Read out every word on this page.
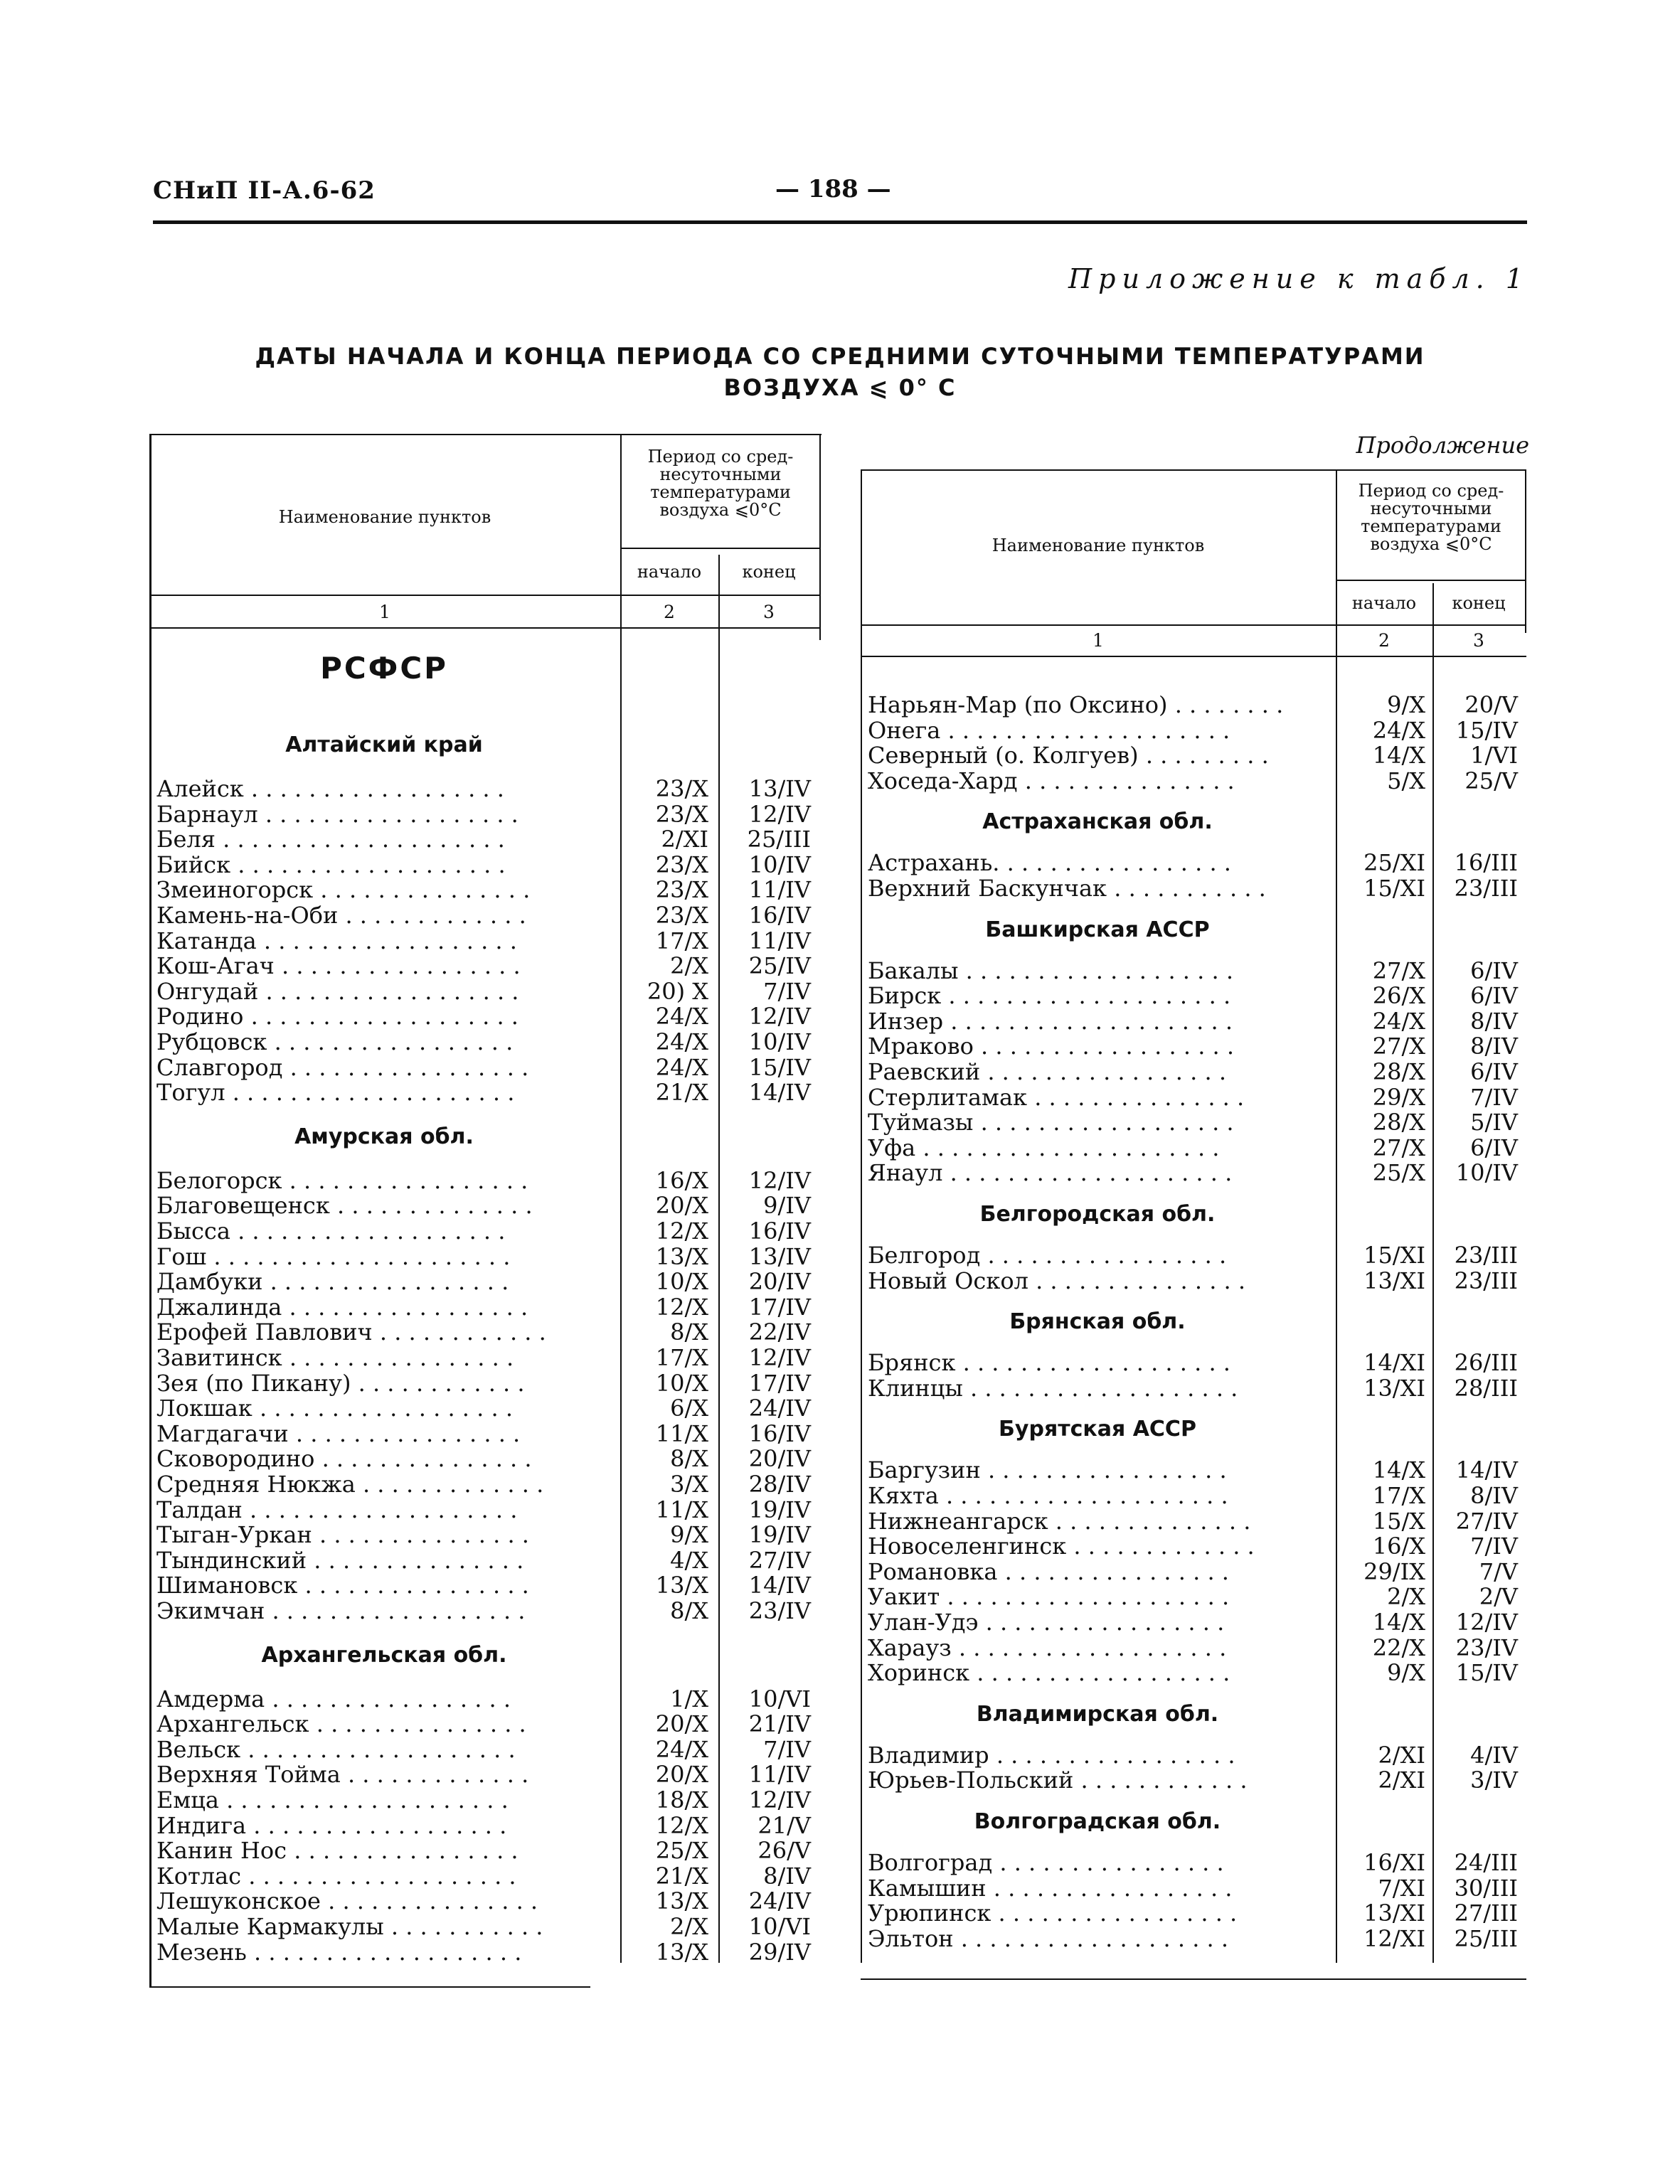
СНиП II-А.6-62	— 188 —
Приложение к табл. 1
ДАТЫ НАЧАЛА И КОНЦА ПЕРИОДА СО СРЕДНИМИ СУТОЧНЫМИ ТЕМПЕРАТУРАМИ
ВОЗДУХА ⩽ 0° С
Продолжение
Наименование пунктов
Период со сред-
несуточными
температурами
воздуха ⩽0°С
начало	конец
1	2	3
РСФСР
Алтайский край
Алейск . . . . . . . . . . . . . . . . . .	23/X	13/IV
Барнаул . . . . . . . . . . . . . . . . . .	23/X	12/IV
Беля . . . . . . . . . . . . . . . . . . . .	2/XI	25/III
Бийск . . . . . . . . . . . . . . . . . . .	23/X	10/IV
Змеиногорск . . . . . . . . . . . . . . .	23/X	11/IV
Камень-на-Оби . . . . . . . . . . . . .	23/X	16/IV
Катанда . . . . . . . . . . . . . . . . . .	17/X	11/IV
Кош-Агач . . . . . . . . . . . . . . . . .	2/X	25/IV
Онгудай . . . . . . . . . . . . . . . . . .	20) X	7/IV
Родино . . . . . . . . . . . . . . . . . . .	24/X	12/IV
Рубцовск . . . . . . . . . . . . . . . . .	24/X	10/IV
Славгород . . . . . . . . . . . . . . . . .	24/X	15/IV
Тогул . . . . . . . . . . . . . . . . . . . .	21/X	14/IV
Амурская обл.
Белогорск . . . . . . . . . . . . . . . . .	16/X	12/IV
Благовещенск . . . . . . . . . . . . . .	20/X	9/IV
Бысса . . . . . . . . . . . . . . . . . . .	12/X	16/IV
Гош . . . . . . . . . . . . . . . . . . . . .	13/X	13/IV
Дамбуки . . . . . . . . . . . . . . . . .	10/X	20/IV
Джалинда . . . . . . . . . . . . . . . . .	12/X	17/IV
Ерофей Павлович . . . . . . . . . . . .	8/X	22/IV
Завитинск . . . . . . . . . . . . . . . .	17/X	12/IV
Зея (по Пикану) . . . . . . . . . . . .	10/X	17/IV
Локшак . . . . . . . . . . . . . . . . . .	6/X	24/IV
Магдагачи . . . . . . . . . . . . . . . .	11/X	16/IV
Сковородино . . . . . . . . . . . . . . .	8/X	20/IV
Средняя Нюкжа . . . . . . . . . . . . .	3/X	28/IV
Талдан . . . . . . . . . . . . . . . . . . .	11/X	19/IV
Тыган-Уркан . . . . . . . . . . . . . . .	9/X	19/IV
Тындинский . . . . . . . . . . . . . . .	4/X	27/IV
Шимановск . . . . . . . . . . . . . . . .	13/X	14/IV
Экимчан . . . . . . . . . . . . . . . . . .	8/X	23/IV
Архангельская обл.
Амдерма . . . . . . . . . . . . . . . . .	1/X	10/VI
Архангельск . . . . . . . . . . . . . . .	20/X	21/IV
Вельск . . . . . . . . . . . . . . . . . . .	24/X	7/IV
Верхняя Тойма . . . . . . . . . . . . .	20/X	11/IV
Емца . . . . . . . . . . . . . . . . . . . .	18/X	12/IV
Индига . . . . . . . . . . . . . . . . . .	12/X	21/V
Канин Нос . . . . . . . . . . . . . . . .	25/X	26/V
Котлас . . . . . . . . . . . . . . . . . . .	21/X	8/IV
Лешуконское . . . . . . . . . . . . . . .	13/X	24/IV
Малые Кармакулы . . . . . . . . . . .	2/X	10/VI
Мезень . . . . . . . . . . . . . . . . . . .	13/X	29/IV
Наименование пунктов
Период со сред-
несуточными
температурами
воздуха ⩽0°С
начало	конец
1	2	3
Нарьян-Мар (по Оксино) . . . . . . . .	9/X	20/V
Онега . . . . . . . . . . . . . . . . . . . .	24/X	15/IV
Северный (о. Колгуев) . . . . . . . . .	14/X	1/VI
Хоседа-Хард . . . . . . . . . . . . . . .	5/X	25/V
Астраханская обл.
Астрахань. . . . . . . . . . . . . . . . .	25/XI	16/III
Верхний Баскунчак . . . . . . . . . . .	15/XI	23/III
Башкирская АССР
Бакалы . . . . . . . . . . . . . . . . . . .	27/X	6/IV
Бирск . . . . . . . . . . . . . . . . . . . .	26/X	6/IV
Инзер . . . . . . . . . . . . . . . . . . . .	24/X	8/IV
Мраково . . . . . . . . . . . . . . . . . .	27/X	8/IV
Раевский . . . . . . . . . . . . . . . . .	28/X	6/IV
Стерлитамак . . . . . . . . . . . . . . .	29/X	7/IV
Туймазы . . . . . . . . . . . . . . . . . .	28/X	5/IV
Уфа . . . . . . . . . . . . . . . . . . . . .	27/X	6/IV
Янаул . . . . . . . . . . . . . . . . . . . .	25/X	10/IV
Белгородская обл.
Белгород . . . . . . . . . . . . . . . . .	15/XI	23/III
Новый Оскол . . . . . . . . . . . . . . .	13/XI	23/III
Брянская обл.
Брянск . . . . . . . . . . . . . . . . . . .	14/XI	26/III
Клинцы . . . . . . . . . . . . . . . . . . .	13/XI	28/III
Бурятская АССР
Баргузин . . . . . . . . . . . . . . . . .	14/X	14/IV
Кяхта . . . . . . . . . . . . . . . . . . . .	17/X	8/IV
Нижнеангарск . . . . . . . . . . . . . .	15/X	27/IV
Новоселенгинск . . . . . . . . . . . . .	16/X	7/IV
Романовка . . . . . . . . . . . . . . . .	29/IX	7/V
Уакит . . . . . . . . . . . . . . . . . . . .	2/X	2/V
Улан-Удэ . . . . . . . . . . . . . . . . .	14/X	12/IV
Харауз . . . . . . . . . . . . . . . . . . .	22/X	23/IV
Хоринск . . . . . . . . . . . . . . . . . .	9/X	15/IV
Владимирская обл.
Владимир . . . . . . . . . . . . . . . . .	2/XI	4/IV
Юрьев-Польский . . . . . . . . . . . .	2/XI	3/IV
Волгоградская обл.
Волгоград . . . . . . . . . . . . . . . .	16/XI	24/III
Камышин . . . . . . . . . . . . . . . . .	7/XI	30/III
Урюпинск . . . . . . . . . . . . . . . . .	13/XI	27/III
Эльтон . . . . . . . . . . . . . . . . . . .	12/XI	25/III
